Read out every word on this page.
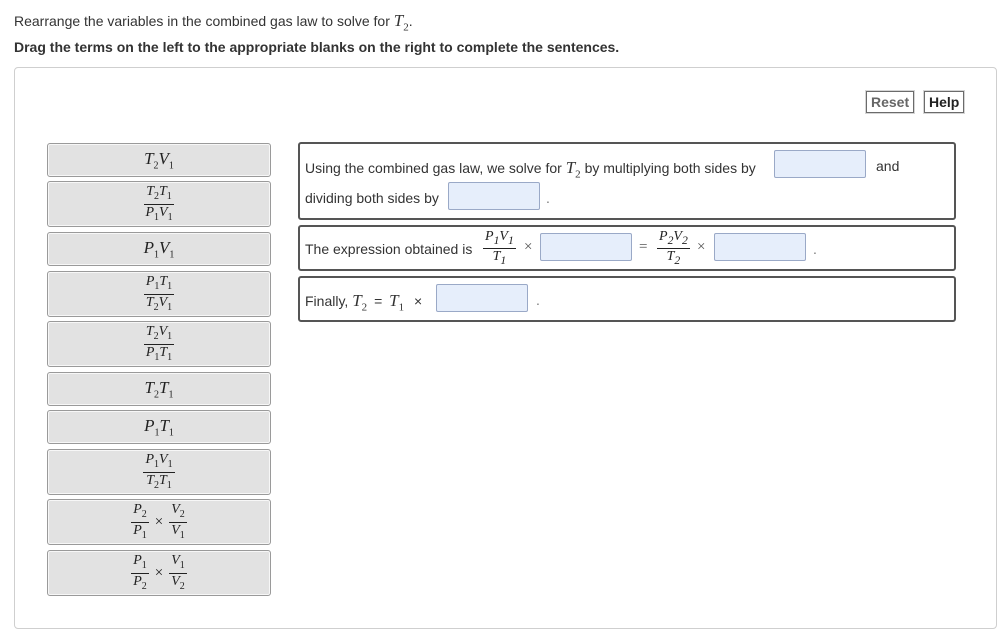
Rearrange the variables in the combined gas law to solve for $T_2$.
Drag the terms on the left to the appropriate blanks on the right to complete the sentences.
Reset	Help
$T_2V_1$
$\frac{T_2T_1}{P_1V_1}$
$P_1V_1$
$\frac{P_1T_1}{T_2V_1}$
$\frac{T_2V_1}{P_1T_1}$
$T_2T_1$
$P_1T_1$
$\frac{P_1V_1}{T_2T_1}$
$\frac{P_2}{P_1} \times \frac{V_2}{V_1}$
$\frac{P_1}{P_2} \times \frac{V_1}{V_2}$
Using the combined gas law, we solve for $T_2$ by multiplying both sides by	and
dividing both sides by	.
The expression obtained is $\frac{P_1V_1}{T_1}$ ×	= $\frac{P_2V_2}{T_2}$ ×	.
Finally, $T_2 = T_1$ ×	.
